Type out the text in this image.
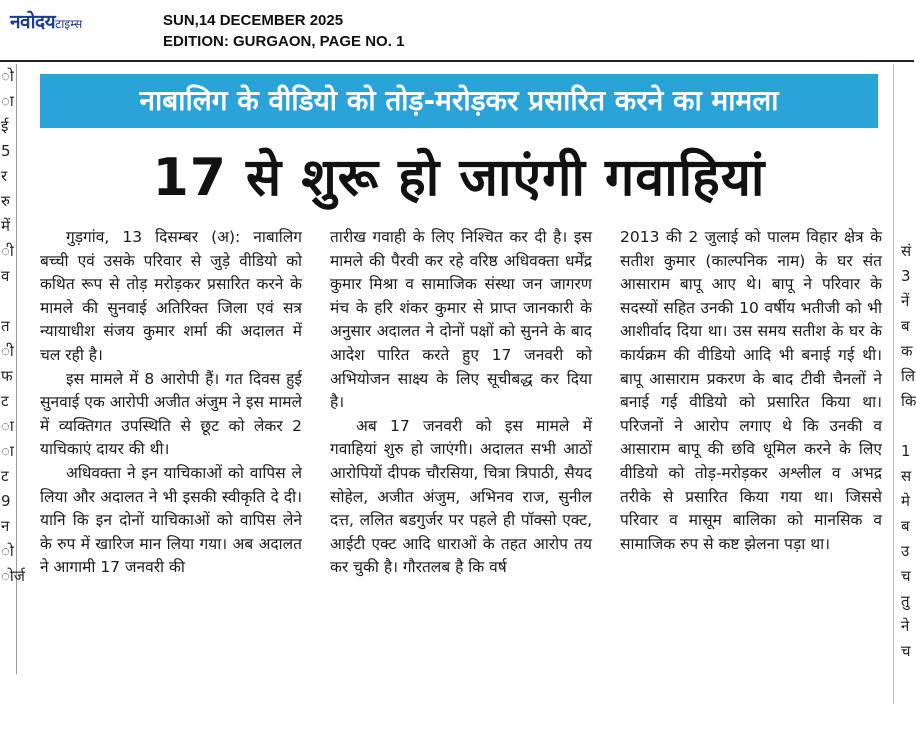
नवोदयटाइम्स	SUN,14 DECEMBER 2025
EDITION: GURGAON, PAGE NO. 1
ो
ा
ई
5
र
रु
में
ी
व
त
ी
फ
ट
ा
ा
ट
9
न
ो
ोर्ज
सं
3
नें
ब
क
लि
कि
1
स
मे
ब
उ
च
तु
ने
च
नाबालिग के वीडियो को तोड़-मरोड़कर प्रसारित करने का मामला
17 से शुरू हो जाएंगी गवाहियां

गुड़गांव, 13 दिसम्बर (अ): नाबालिग बच्ची एवं उसके परिवार से जुड़े वीडियो को कथित रूप से तोड़ मरोड़कर प्रसारित करने के मामले की सुनवाई अतिरिक्त जिला एवं सत्र न्यायाधीश संजय कुमार शर्मा की अदालत में चल रही है।

इस मामले में 8 आरोपी हैं। गत दिवस हुई सुनवाई एक आरोपी अजीत अंजुम ने इस मामले में व्यक्तिगत उपस्थिति से छूट को लेकर 2 याचिकाएं दायर की थी।

अधिवक्ता ने इन याचिकाओं को वापिस ले लिया और अदालत ने भी इसकी स्वीकृति दे दी। यानि कि इन दोनों याचिकाओं को वापिस लेने के रुप में खारिज मान लिया गया। अब अदालत ने आगामी 17 जनवरी की

तारीख गवाही के लिए निश्चित कर दी है। इस मामले की पैरवी कर रहे वरिष्ठ अधिवक्ता धर्मेंद्र कुमार मिश्रा व सामाजिक संस्था जन जागरण मंच के हरि शंकर कुमार से प्राप्त जानकारी के अनुसार अदालत ने दोनों पक्षों को सुनने के बाद आदेश पारित करते हुए 17 जनवरी को अभियोजन साक्ष्य के लिए सूचीबद्ध कर दिया है।

अब 17 जनवरी को इस मामले में गवाहियां शुरु हो जाएंगी। अदालत सभी आठों आरोपियों दीपक चौरसिया, चित्रा त्रिपाठी, सैयद सोहेल, अजीत अंजुम, अभिनव राज, सुनील दत्त, ललित बडगुर्जर पर पहले ही पॉक्सो एक्ट, आईटी एक्ट आदि धाराओं के तहत आरोप तय कर चुकी है। गौरतलब है कि वर्ष

2013 की 2 जुलाई को पालम विहार क्षेत्र के सतीश कुमार (काल्पनिक नाम) के घर संत आसाराम बापू आए थे। बापू ने परिवार के सदस्यों सहित उनकी 10 वर्षीय भतीजी को भी आशीर्वाद दिया था। उस समय सतीश के घर के कार्यक्रम की वीडियो आदि भी बनाई गई थी। बापू आसाराम प्रकरण के बाद टीवी चैनलों ने बनाई गई वीडियो को प्रसारित किया था। परिजनों ने आरोप लगाए थे कि उनकी व आसाराम बापू की छवि धूमिल करने के लिए वीडियो को तोड़-मरोड़कर अश्लील व अभद्र तरीके से प्रसारित किया गया था। जिससे परिवार व मासूम बालिका को मानसिक व सामाजिक रुप से कष्ट झेलना पड़ा था।
